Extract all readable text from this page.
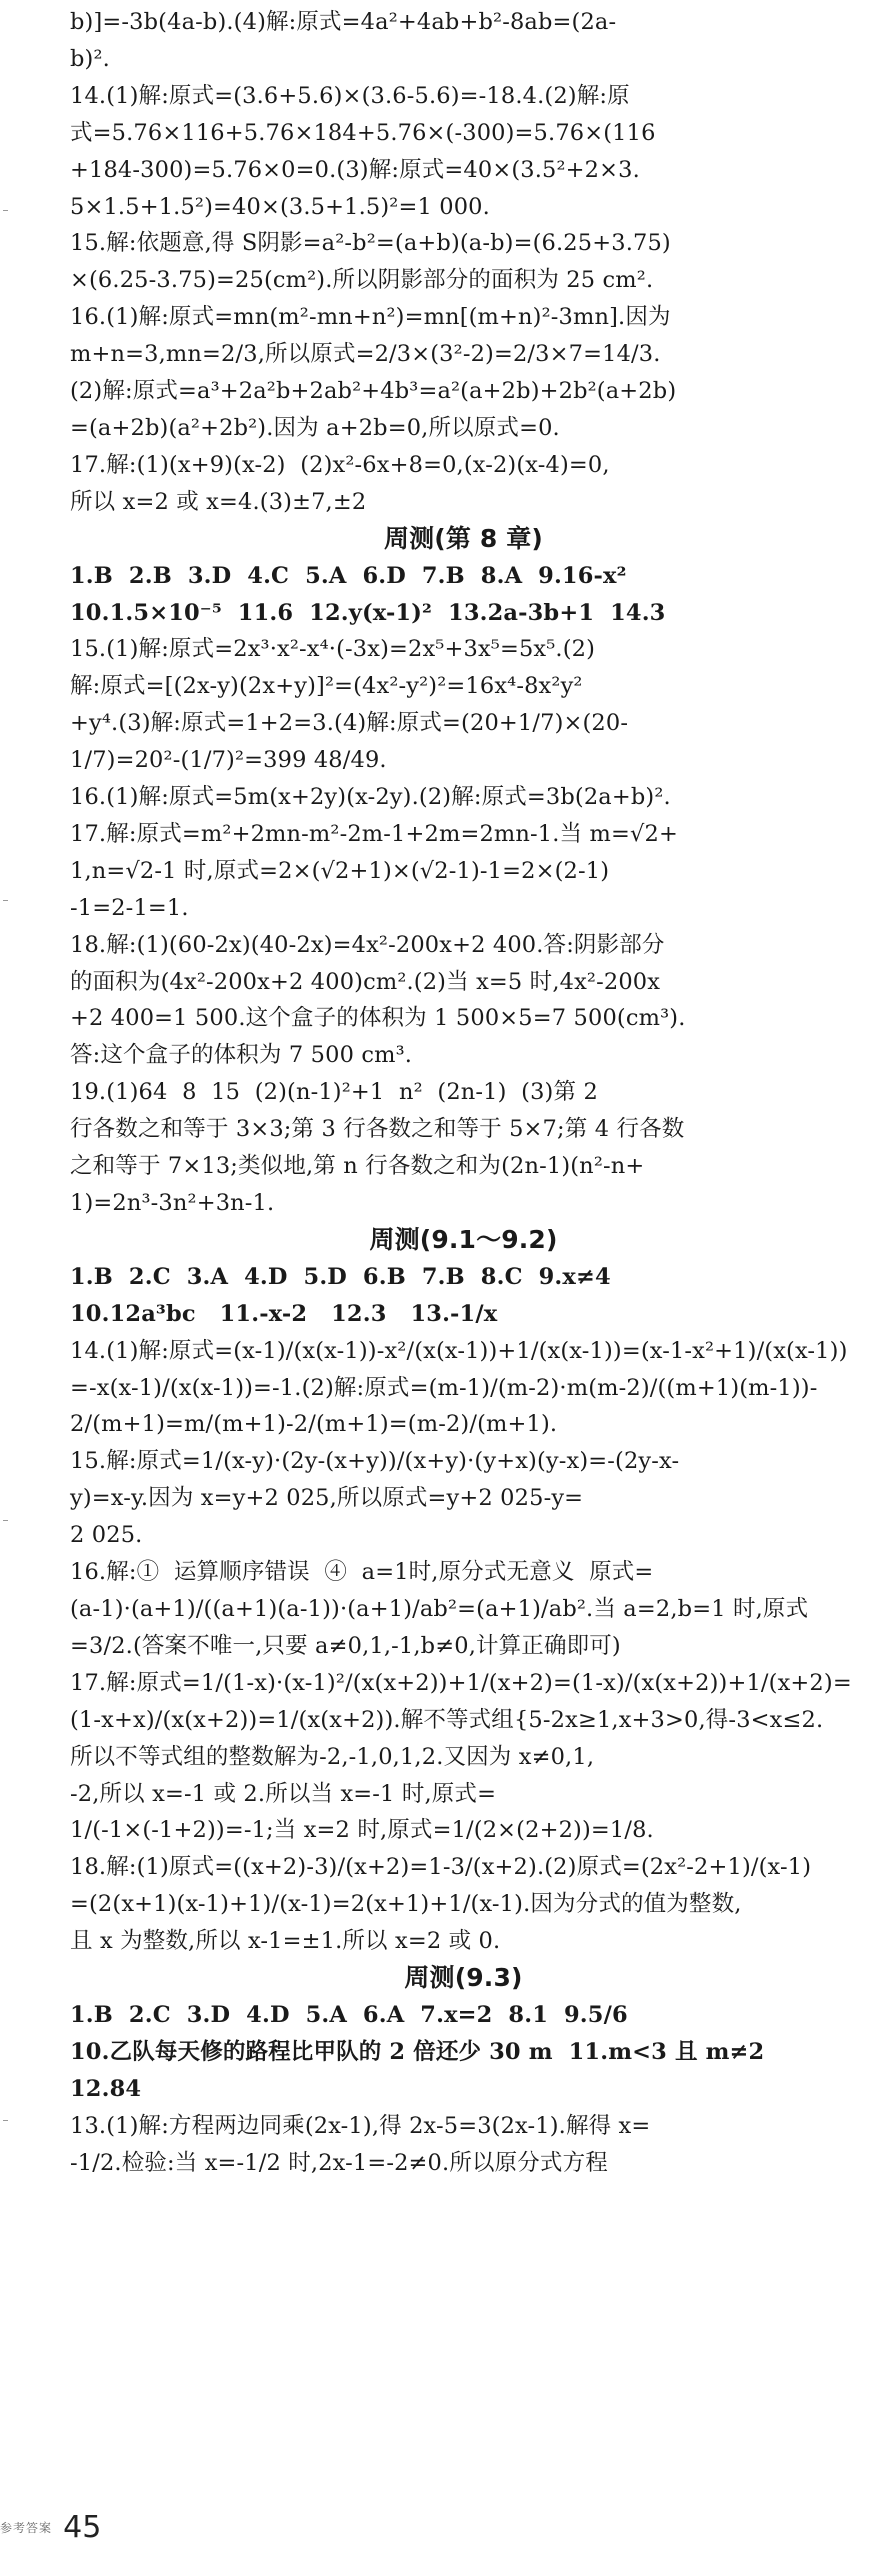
b)]=-3b(4a-b).(4)解:原式=4a²+4ab+b²-8ab=(2a-

b)².

14.(1)解:原式=(3.6+5.6)×(3.6-5.6)=-18.4.(2)解:原

式=5.76×116+5.76×184+5.76×(-300)=5.76×(116

+184-300)=5.76×0=0.(3)解:原式=40×(3.5²+2×3.

5×1.5+1.5²)=40×(3.5+1.5)²=1 000.

15.解:依题意,得 S阴影=a²-b²=(a+b)(a-b)=(6.25+3.75)

×(6.25-3.75)=25(cm²).所以阴影部分的面积为 25 cm².

16.(1)解:原式=mn(m²-mn+n²)=mn[(m+n)²-3mn].因为

m+n=3,mn=2/3,所以原式=2/3×(3²-2)=2/3×7=14/3.

(2)解:原式=a³+2a²b+2ab²+4b³=a²(a+2b)+2b²(a+2b)

=(a+2b)(a²+2b²).因为 a+2b=0,所以原式=0.

17.解:(1)(x+9)(x-2)  (2)x²-6x+8=0,(x-2)(x-4)=0,

所以 x=2 或 x=4.(3)±7,±2

周测(第 8 章)

1.B  2.B  3.D  4.C  5.A  6.D  7.B  8.A  9.16-x²

10.1.5×10⁻⁵  11.6  12.y(x-1)²  13.2a-3b+1  14.3

15.(1)解:原式=2x³·x²-x⁴·(-3x)=2x⁵+3x⁵=5x⁵.(2)

解:原式=[(2x-y)(2x+y)]²=(4x²-y²)²=16x⁴-8x²y²

+y⁴.(3)解:原式=1+2=3.(4)解:原式=(20+1/7)×(20-

1/7)=20²-(1/7)²=399 48/49.

16.(1)解:原式=5m(x+2y)(x-2y).(2)解:原式=3b(2a+b)².

17.解:原式=m²+2mn-m²-2m-1+2m=2mn-1.当 m=√2+

1,n=√2-1 时,原式=2×(√2+1)×(√2-1)-1=2×(2-1)

-1=2-1=1.

18.解:(1)(60-2x)(40-2x)=4x²-200x+2 400.答:阴影部分

的面积为(4x²-200x+2 400)cm².(2)当 x=5 时,4x²-200x

+2 400=1 500.这个盒子的体积为 1 500×5=7 500(cm³).

答:这个盒子的体积为 7 500 cm³.

19.(1)64  8  15  (2)(n-1)²+1  n²  (2n-1)  (3)第 2

行各数之和等于 3×3;第 3 行各数之和等于 5×7;第 4 行各数

之和等于 7×13;类似地,第 n 行各数之和为(2n-1)(n²-n+

1)=2n³-3n²+3n-1.

周测(9.1～9.2)

1.B  2.C  3.A  4.D  5.D  6.B  7.B  8.C  9.x≠4

10.12a³bc   11.-x-2   12.3   13.-1/x

14.(1)解:原式=(x-1)/(x(x-1))-x²/(x(x-1))+1/(x(x-1))=(x-1-x²+1)/(x(x-1))

=-x(x-1)/(x(x-1))=-1.(2)解:原式=(m-1)/(m-2)·m(m-2)/((m+1)(m-1))-

2/(m+1)=m/(m+1)-2/(m+1)=(m-2)/(m+1).

15.解:原式=1/(x-y)·(2y-(x+y))/(x+y)·(y+x)(y-x)=-(2y-x-

y)=x-y.因为 x=y+2 025,所以原式=y+2 025-y=

2 025.

16.解:①  运算顺序错误  ④  a=1时,原分式无意义  原式=

(a-1)·(a+1)/((a+1)(a-1))·(a+1)/ab²=(a+1)/ab².当 a=2,b=1 时,原式

=3/2.(答案不唯一,只要 a≠0,1,-1,b≠0,计算正确即可)

17.解:原式=1/(1-x)·(x-1)²/(x(x+2))+1/(x+2)=(1-x)/(x(x+2))+1/(x+2)=

(1-x+x)/(x(x+2))=1/(x(x+2)).解不等式组{5-2x≥1,x+3>0,得-3<x≤2.

所以不等式组的整数解为-2,-1,0,1,2.又因为 x≠0,1,

-2,所以 x=-1 或 2.所以当 x=-1 时,原式=

1/(-1×(-1+2))=-1;当 x=2 时,原式=1/(2×(2+2))=1/8.

18.解:(1)原式=((x+2)-3)/(x+2)=1-3/(x+2).(2)原式=(2x²-2+1)/(x-1)

=(2(x+1)(x-1)+1)/(x-1)=2(x+1)+1/(x-1).因为分式的值为整数,

且 x 为整数,所以 x-1=±1.所以 x=2 或 0.

周测(9.3)

1.B  2.C  3.D  4.D  5.A  6.A  7.x=2  8.1  9.5/6

10.乙队每天修的路程比甲队的 2 倍还少 30 m  11.m<3 且 m≠2

12.84

13.(1)解:方程两边同乘(2x-1),得 2x-5=3(2x-1).解得 x=

-1/2.检验:当 x=-1/2 时,2x-1=-2≠0.所以原分式方程

参考答案 45
